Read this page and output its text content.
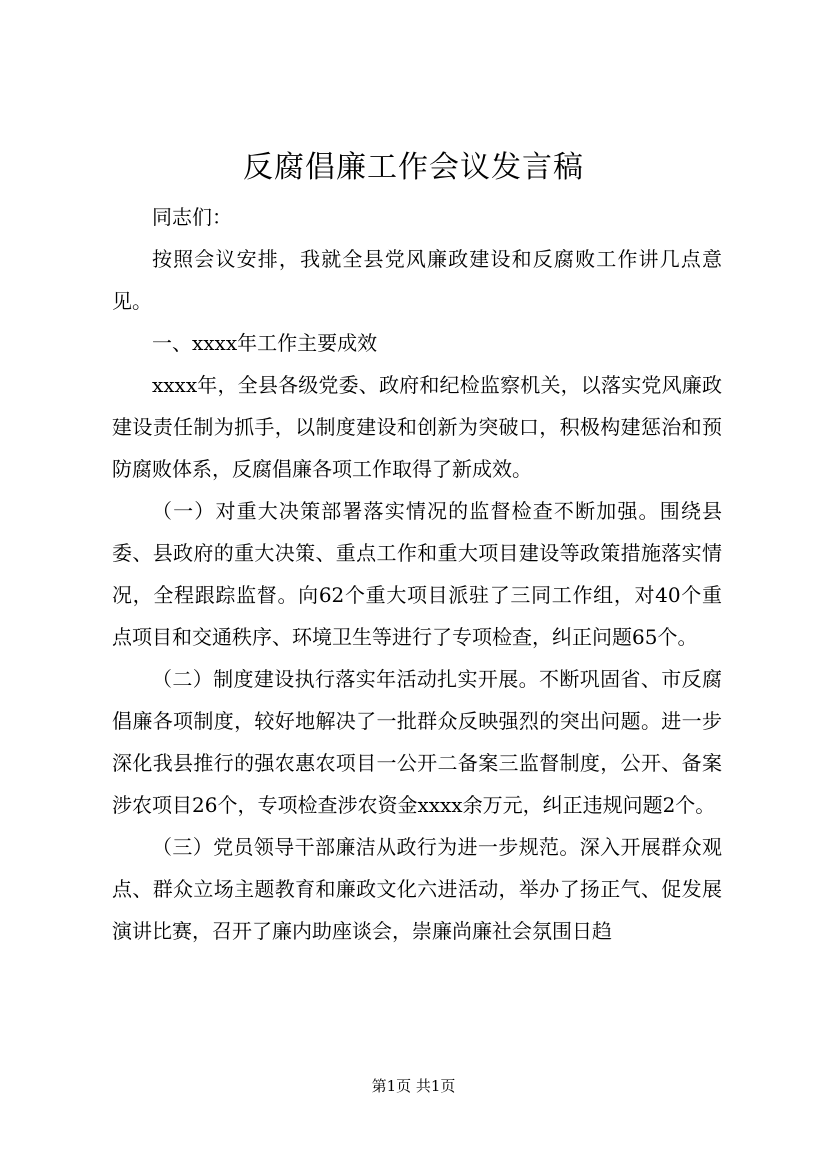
反腐倡廉工作会议发言稿

同志们：

按照会议安排，我就全县党风廉政建设和反腐败工作讲几点意见。

一、xxxx年工作主要成效

xxxx年，全县各级党委、政府和纪检监察机关，以落实党风廉政建设责任制为抓手，以制度建设和创新为突破口，积极构建惩治和预防腐败体系，反腐倡廉各项工作取得了新成效。

（一）对重大决策部署落实情况的监督检查不断加强。围绕县委、县政府的重大决策、重点工作和重大项目建设等政策措施落实情况，全程跟踪监督。向62个重大项目派驻了三同工作组，对40个重点项目和交通秩序、环境卫生等进行了专项检查，纠正问题65个。

（二）制度建设执行落实年活动扎实开展。不断巩固省、市反腐倡廉各项制度，较好地解决了一批群众反映强烈的突出问题。进一步深化我县推行的强农惠农项目一公开二备案三监督制度，公开、备案涉农项目26个，专项检查涉农资金xxxx余万元，纠正违规问题2个。

（三）党员领导干部廉洁从政行为进一步规范。深入开展群众观点、群众立场主题教育和廉政文化六进活动，举办了扬正气、促发展演讲比赛，召开了廉内助座谈会，崇廉尚廉社会氛围日趋

第1页 共1页
